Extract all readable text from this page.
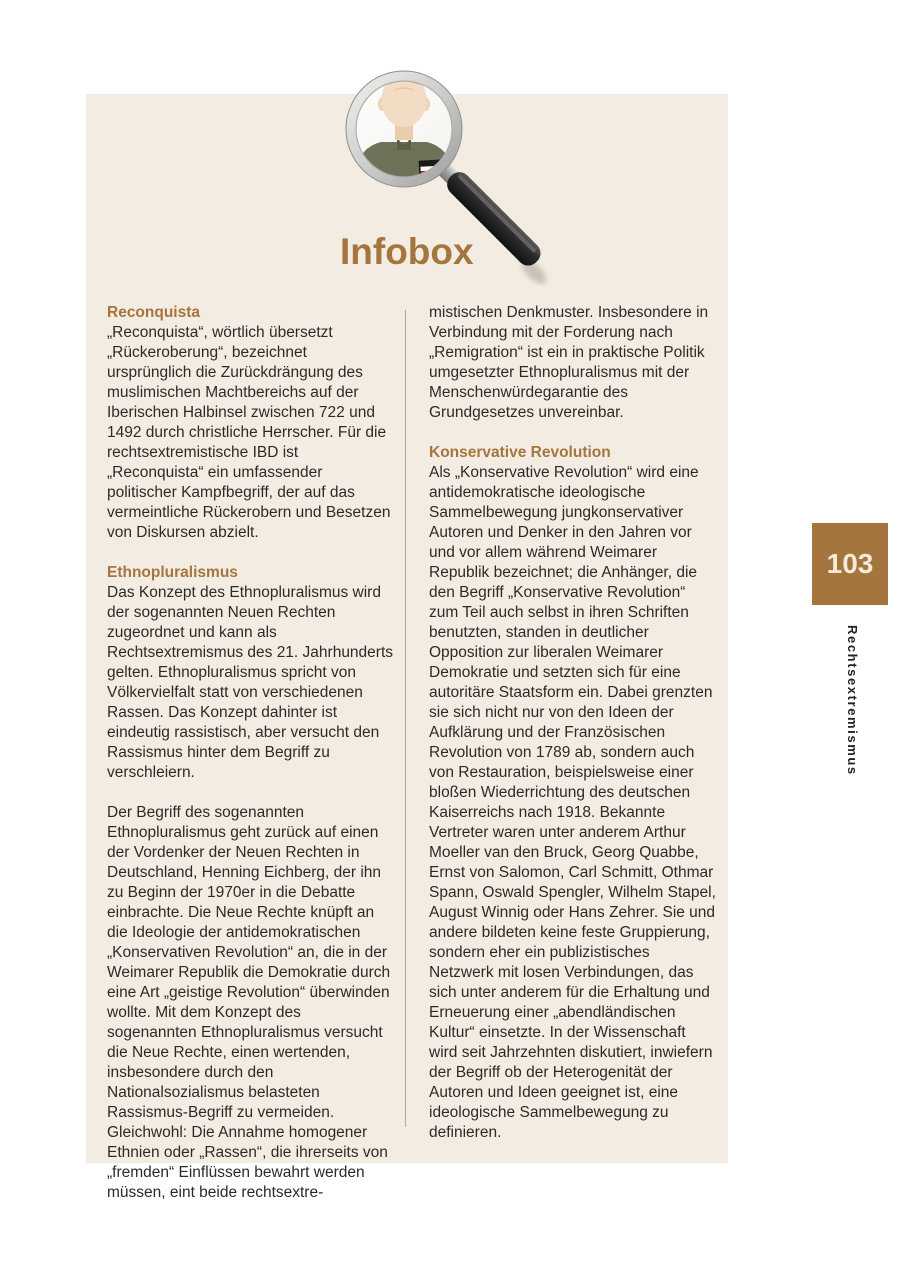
Infobox
Reconquista

„Reconquista“, wörtlich übersetzt „Rückeroberung“, bezeichnet ursprünglich die Zurückdrängung des muslimischen Machtbereichs auf der Iberischen Halbinsel zwischen 722 und 1492 durch christliche Herrscher. Für die rechtsextremistische IBD ist „Reconquista“ ein umfassender politischer Kampfbegriff, der auf das vermeintliche Rückerobern und Besetzen von Diskursen abzielt.

Ethnopluralismus

Das Konzept des Ethnopluralismus wird der sogenannten Neuen Rechten zugeordnet und kann als Rechtsextremismus des 21. Jahrhunderts gelten. Ethnopluralismus spricht von Völkervielfalt statt von verschiedenen Rassen. Das Konzept dahinter ist eindeutig rassistisch, aber versucht den Rassismus hinter dem Begriff zu verschleiern.

Der Begriff des sogenannten Ethnopluralismus geht zurück auf einen der Vordenker der Neuen Rechten in Deutschland, Henning Eichberg, der ihn zu Beginn der 1970er in die Debatte einbrachte. Die Neue Rechte knüpft an die Ideologie der antidemokratischen „Konservativen Revolution“ an, die in der Weimarer Republik die Demokratie durch eine Art „geistige Revolution“ überwinden wollte. Mit dem Konzept des sogenannten Ethnopluralismus versucht die Neue Rechte, einen wertenden, insbesondere durch den Nationalsozialismus belasteten Rassismus-Begriff zu vermeiden. Gleichwohl: Die Annahme homogener Ethnien oder „Rassen“, die ihrerseits von „fremden“ Einflüssen bewahrt werden müssen, eint beide rechtsextre-

mistischen Denkmuster. Insbesondere in Verbindung mit der Forderung nach „Remigration“ ist ein in praktische Politik umgesetzter Ethnopluralismus mit der Menschenwürdegarantie des Grundgesetzes unvereinbar.

Konservative Revolution

Als „Konservative Revolution“ wird eine antidemokratische ideologische Sammelbewegung jungkonservativer Autoren und Denker in den Jahren vor und vor allem während Weimarer Republik bezeichnet; die Anhänger, die den Begriff „Konservative Revolution“ zum Teil auch selbst in ihren Schriften benutzten, standen in deutlicher Opposition zur liberalen Weimarer Demokratie und setzten sich für eine autoritäre Staatsform ein. Dabei grenzten sie sich nicht nur von den Ideen der Aufklärung und der Französischen Revolution von 1789 ab, sondern auch von Restauration, beispielsweise einer bloßen Wiederrichtung des deutschen Kaiserreichs nach 1918. Bekannte Vertreter waren unter anderem Arthur Moeller van den Bruck, Georg Quabbe, Ernst von Salomon, Carl Schmitt, Othmar Spann, Oswald Spengler, Wilhelm Stapel, August Winnig oder Hans Zehrer. Sie und andere bildeten keine feste Gruppierung, sondern eher ein publizistisches Netzwerk mit losen Verbindungen, das sich unter anderem für die Erhaltung und Erneuerung einer „abendländischen Kultur“ einsetzte. In der Wissenschaft wird seit Jahrzehnten diskutiert, inwiefern der Begriff ob der Heterogenität der Autoren und Ideen geeignet ist, eine ideologische Sammelbewegung zu definieren.

103
Rechtsextremismus
